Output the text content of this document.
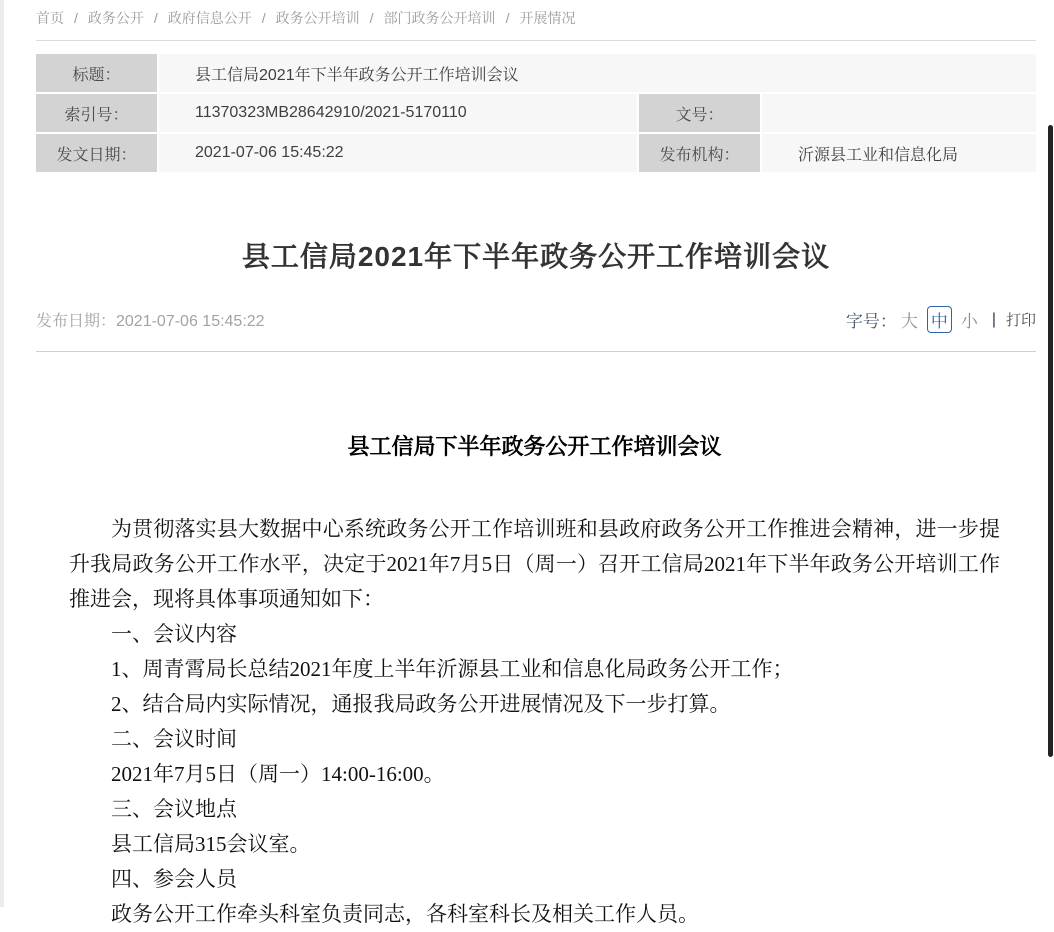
首页 / 政务公开 / 政府信息公开 / 政务公开培训 / 部门政务公开培训 / 开展情况
标题：	县工信局2021年下半年政务公开工作培训会议
索引号：	11370323MB28642910/2021-5170110	文号：
发文日期：	2021-07-06 15:45:22	发布机构：	沂源县工业和信息化局
县工信局2021年下半年政务公开工作培训会议
发布日期：2021-07-06 15:45:22	字号： 大 中 小 | 打印
县工信局下半年政务公开工作培训会议

为贯彻落实县大数据中心系统政务公开工作培训班和县政府政务公开工作推进会精神，进一步提升我局政务公开工作水平，决定于2021年7月5日（周一）召开工信局2021年下半年政务公开培训工作推进会，现将具体事项通知如下：

一、会议内容

1、周青霄局长总结2021年度上半年沂源县工业和信息化局政务公开工作；

2、结合局内实际情况，通报我局政务公开进展情况及下一步打算。

二、会议时间

2021年7月5日（周一）14:00-16:00。

三、会议地点

县工信局315会议室。

四、参会人员

政务公开工作牵头科室负责同志，各科室科长及相关工作人员。
